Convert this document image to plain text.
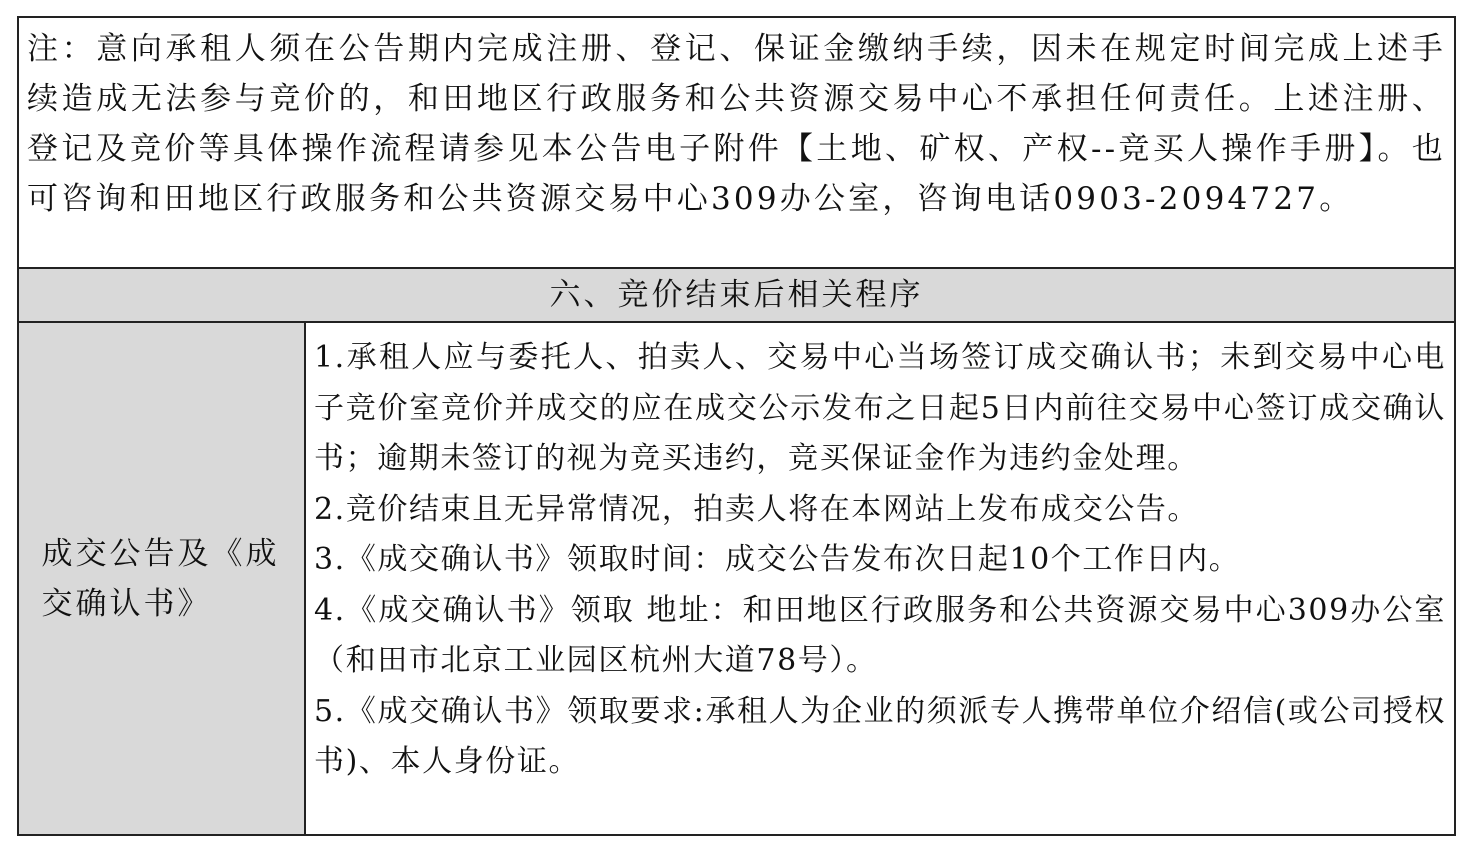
注：意向承租人须在公告期内完成注册、登记、保证金缴纳手续，因未在规定时间完成上述手续造成无法参与竞价的，和田地区行政服务和公共资源交易中心不承担任何责任。上述注册、登记及竞价等具体操作流程请参见本公告电子附件【土地、矿权、产权--竞买人操作手册】。也可咨询和田地区行政服务和公共资源交易中心309办公室，咨询电话0903-2094727。
六、竞价结束后相关程序
成交公告及《成交确认书》

1.承租人应与委托人、拍卖人、交易中心当场签订成交确认书；未到交易中心电子竞价室竞价并成交的应在成交公示发布之日起5日内前往交易中心签订成交确认书；逾期未签订的视为竞买违约，竞买保证金作为违约金处理。

2.竞价结束且无异常情况，拍卖人将在本网站上发布成交公告。

3.《成交确认书》领取时间：成交公告发布次日起10个工作日内。

4.《成交确认书》领取 地址：和田地区行政服务和公共资源交易中心309办公室（和田市北京工业园区杭州大道78号）。

5.《成交确认书》领取要求:承租人为企业的须派专人携带单位介绍信(或公司授权书)、本人身份证。
